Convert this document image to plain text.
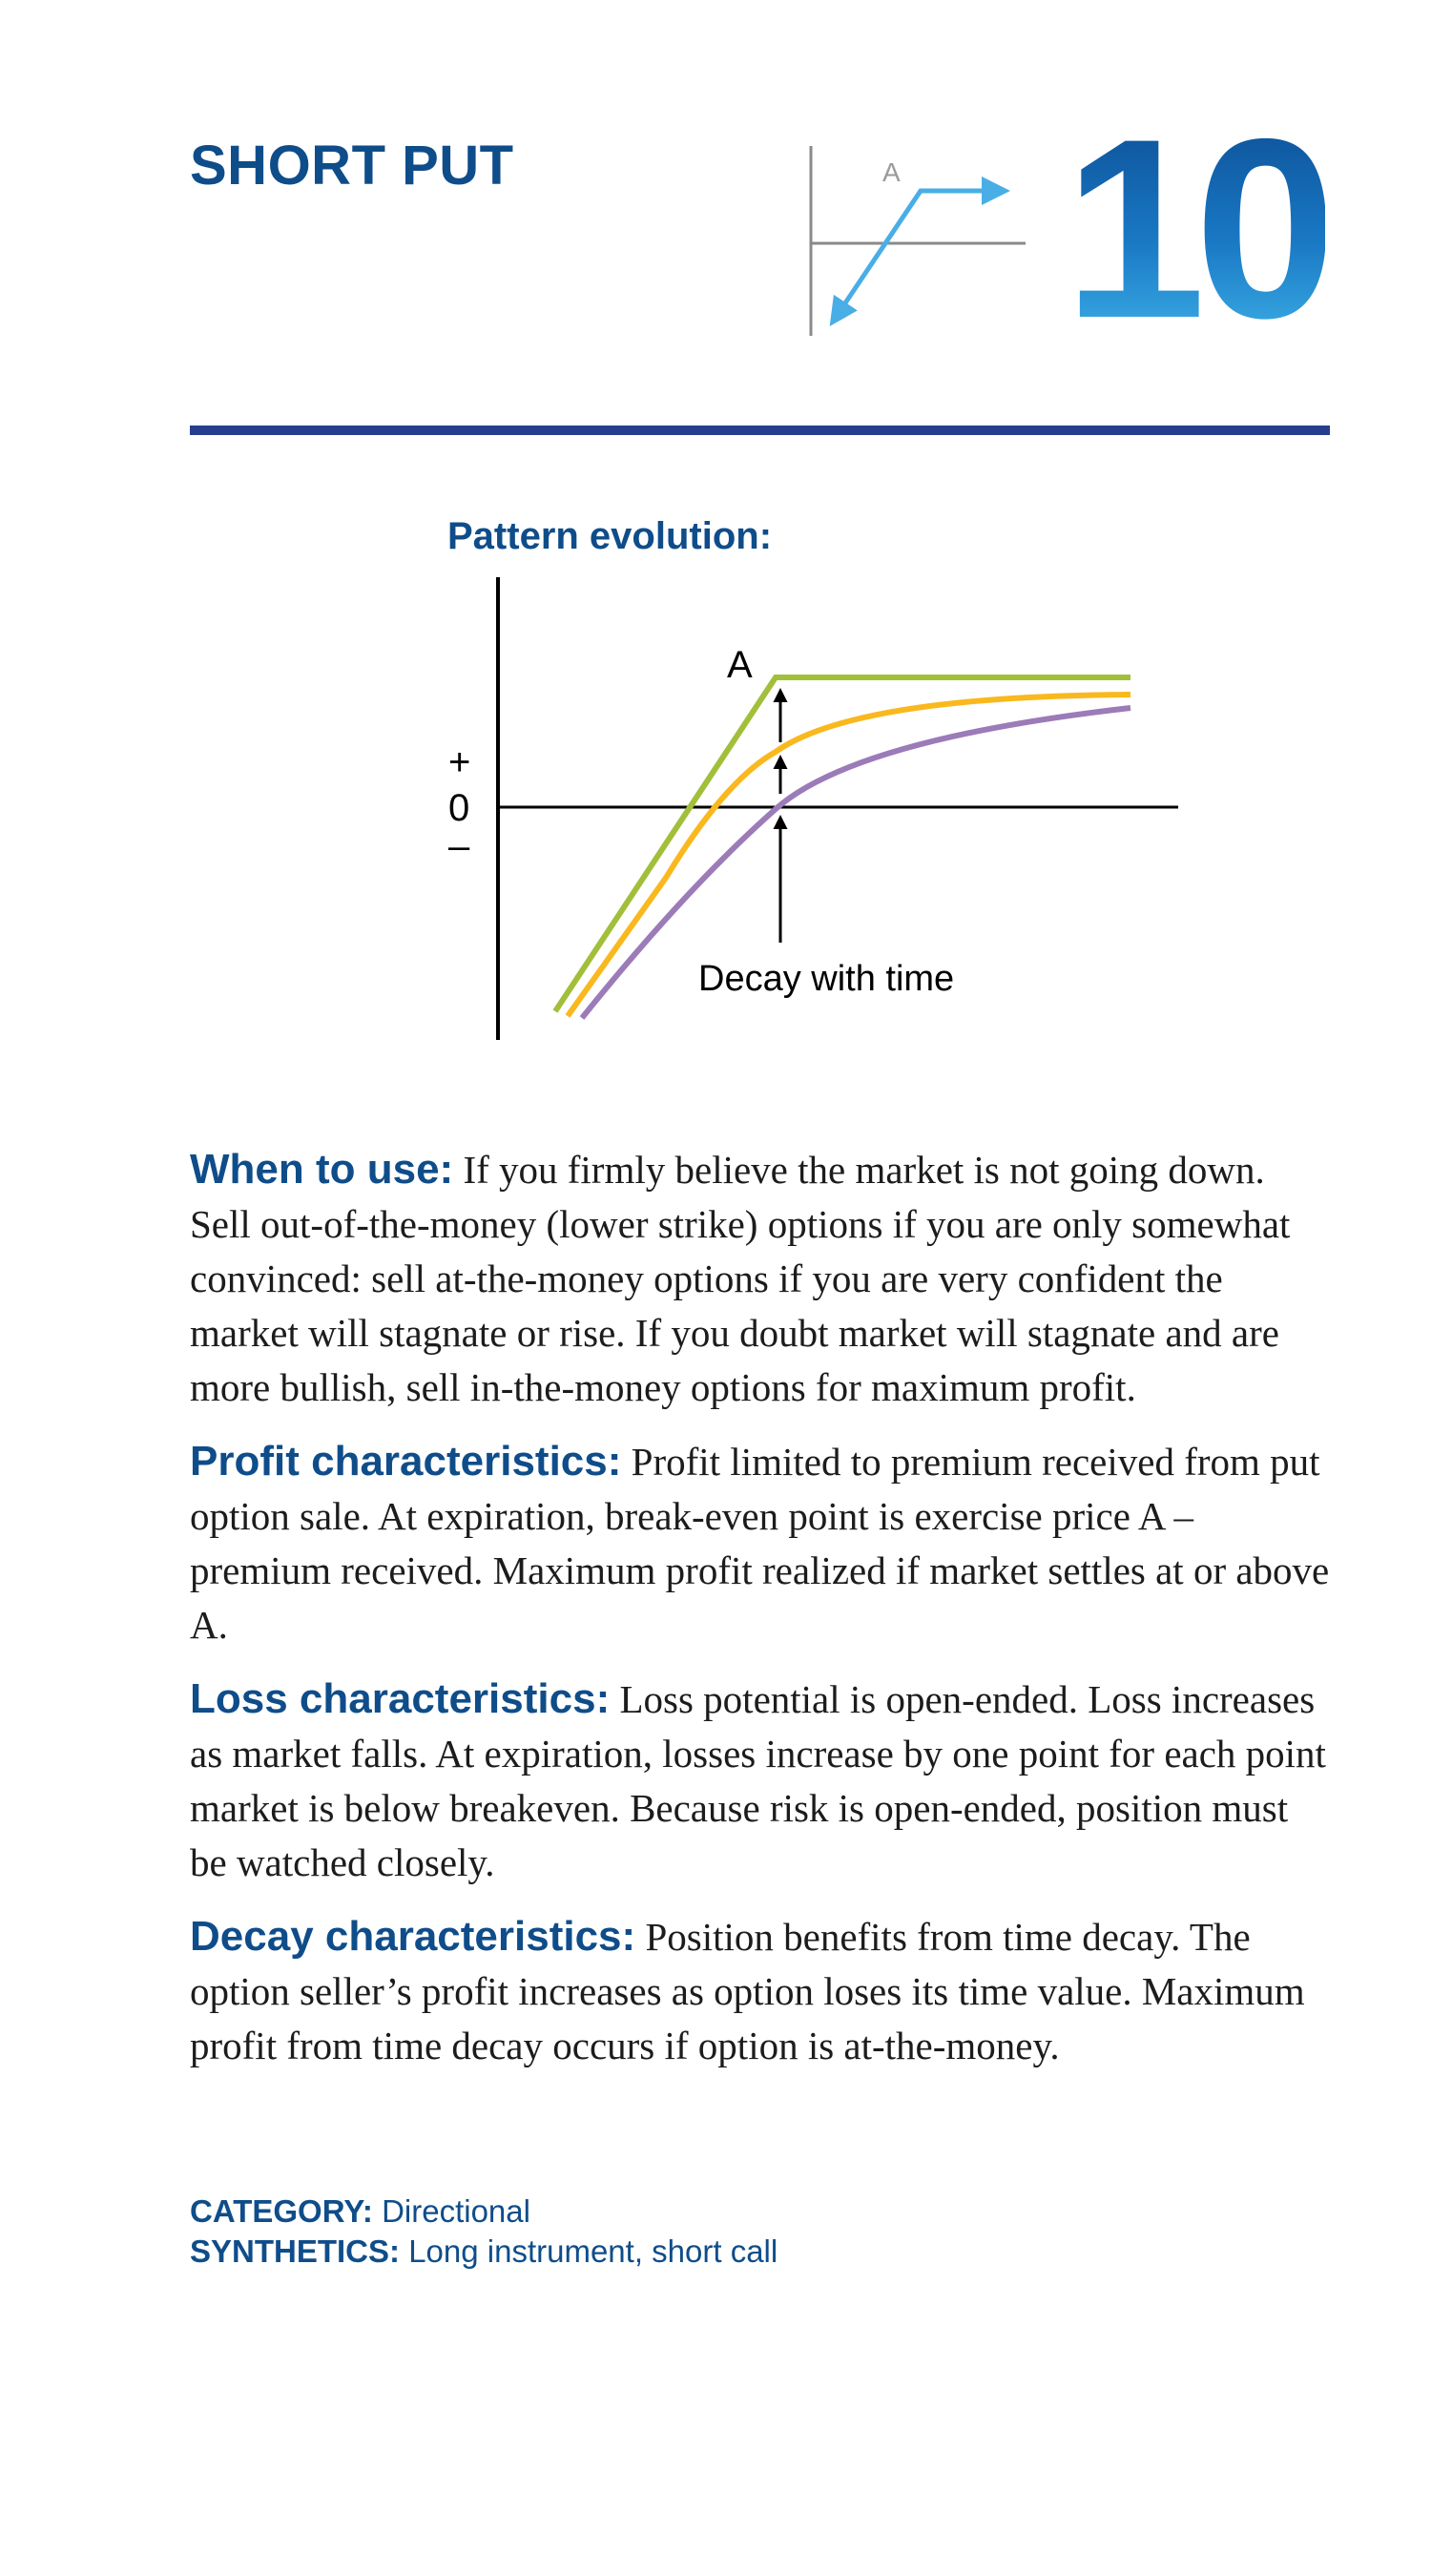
SHORT PUT	A 10
Pattern evolution:
+
0
–
A
Decay with time

When to use: If you firmly believe the market is not going down. Sell out-of-the-money (lower strike) options if you are only somewhat convinced: sell at-the-money options if you are very confident the market will stagnate or rise. If you doubt market will stagnate and are more bullish, sell in-the-money options for maximum profit.

Profit characteristics: Profit limited to premium received from put option sale. At expiration, break-even point is exercise price A – premium received. Maximum profit realized if market settles at or above A.

Loss characteristics: Loss potential is open-ended. Loss increases as market falls. At expiration, losses increase by one point for each point market is below breakeven. Because risk is open-ended, position must be watched closely.

Decay characteristics: Position benefits from time decay. The option seller’s profit increases as option loses its time value. Maximum profit from time decay occurs if option is at-the-money.

CATEGORY: Directional
SYNTHETICS: Long instrument, short call
